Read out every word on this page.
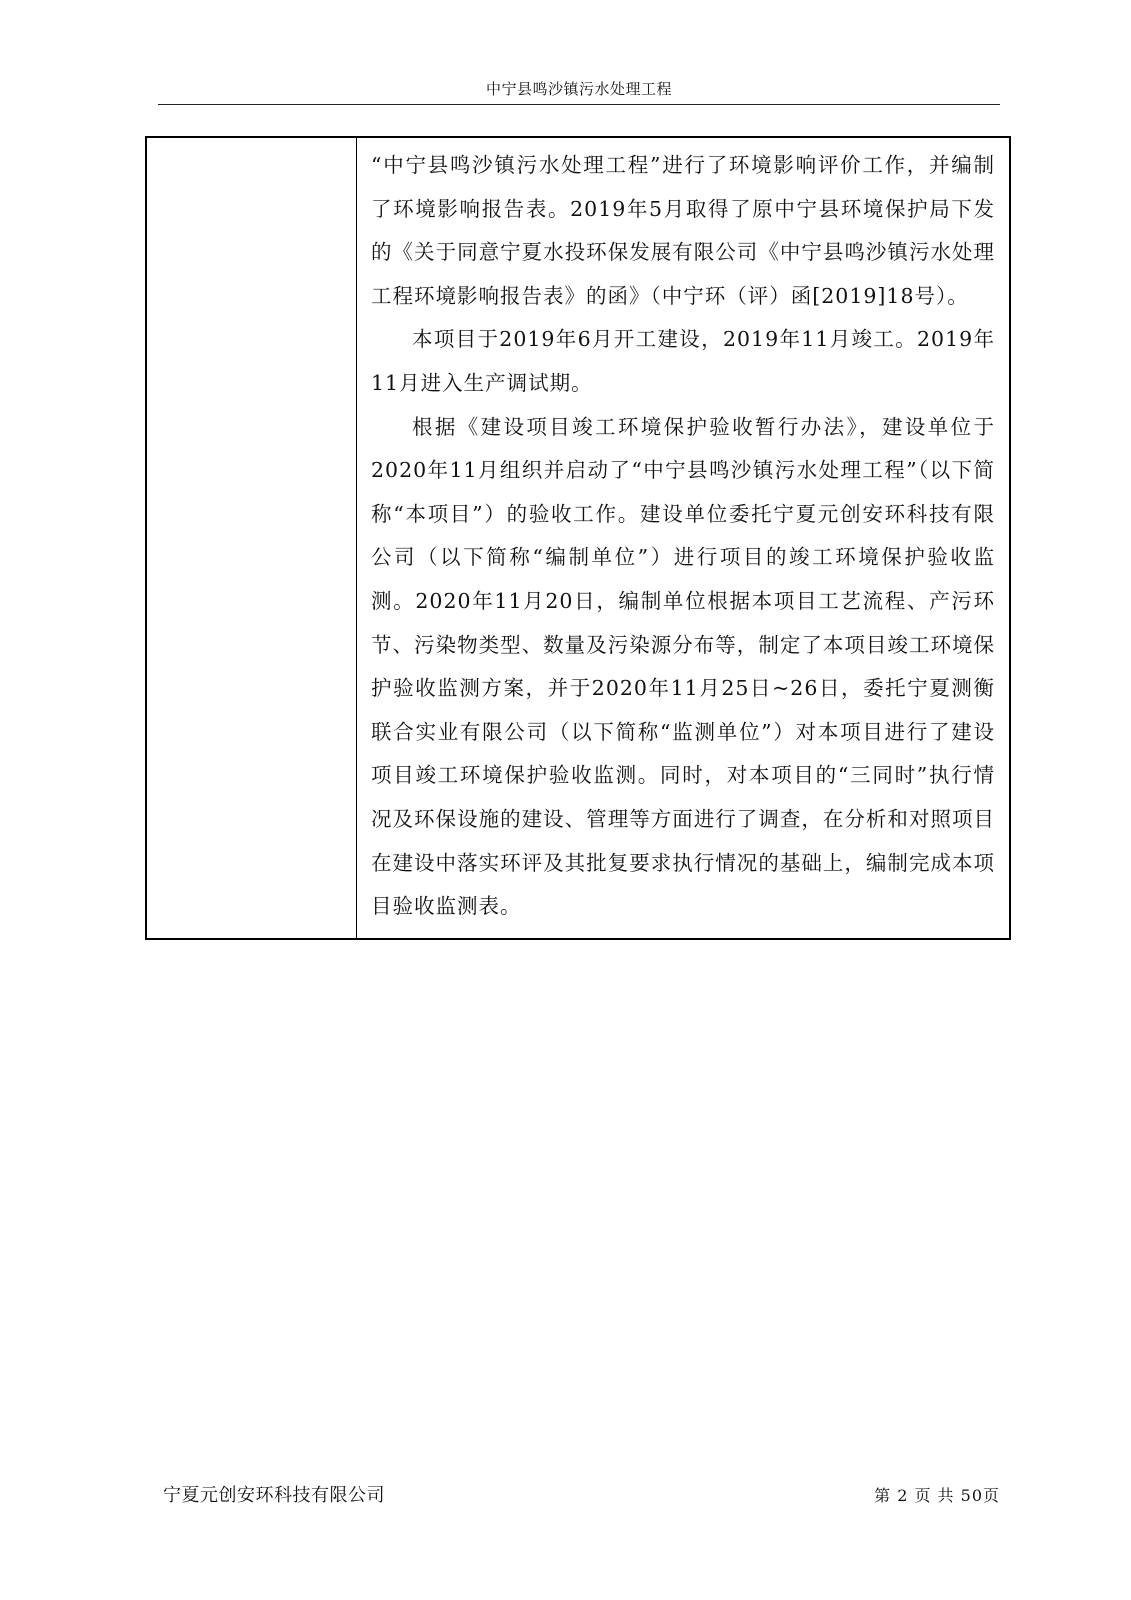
中宁县鸣沙镇污水处理工程

“中宁县鸣沙镇污水处理工程”进行了环境影响评价工作，并编制了环境影响报告表。2019年5月取得了原中宁县环境保护局下发的《关于同意宁夏水投环保发展有限公司《中宁县鸣沙镇污水处理工程环境影响报告表》的函》（中宁环（评）函[2019]18号）。

本项目于2019年6月开工建设，2019年11月竣工。2019年11月进入生产调试期。

根据《建设项目竣工环境保护验收暂行办法》，建设单位于2020年11月组织并启动了“中宁县鸣沙镇污水处理工程”（以下简称“本项目”）的验收工作。建设单位委托宁夏元创安环科技有限公司（以下简称“编制单位”）进行项目的竣工环境保护验收监测。2020年11月20日，编制单位根据本项目工艺流程、产污环节、污染物类型、数量及污染源分布等，制定了本项目竣工环境保护验收监测方案，并于2020年11月25日~26日，委托宁夏测衡联合实业有限公司（以下简称“监测单位”）对本项目进行了建设项目竣工环境保护验收监测。同时，对本项目的“三同时”执行情况及环保设施的建设、管理等方面进行了调查，在分析和对照项目在建设中落实环评及其批复要求执行情况的基础上，编制完成本项目验收监测表。

宁夏元创安环科技有限公司	第 2 页 共 50页
